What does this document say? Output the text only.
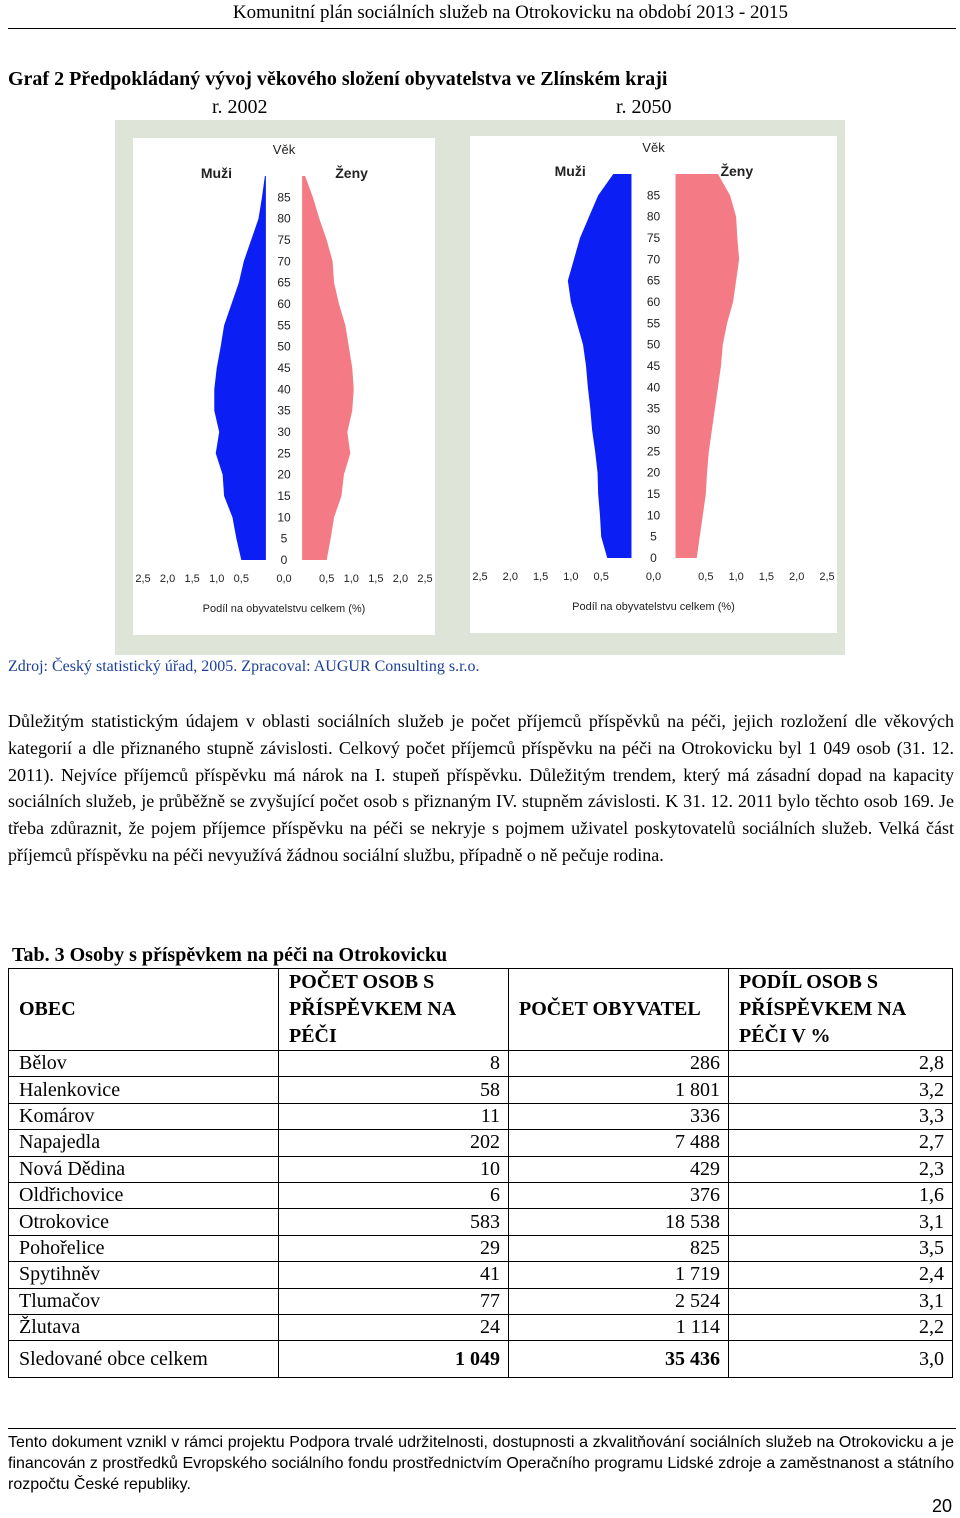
Komunitní plán sociálních služeb na Otrokovicku na období 2013 - 2015
Graf 2 Předpokládaný vývoj věkového složení obyvatelstva ve Zlínském kraji
r. 2002	r. 2050
0
5
10
15
20
25
30
35
40
45
50
55
60
65
70
75
80
85
Věk
Muži	Ženy
2,5 2,0 1,5 1,0 0,5 0,0 0,5 1,0 1,5 2,0 2,5
Podíl na obyvatelstvu celkem (%)
0
5
10
15
20
25
30
35
40
45
50
55
60
65
70
75
80
85
Věk
Muži	Ženy
2,5 2,0 1,5 1,0 0,5	0,0	0,5 1,0 1,5 2,0 2,5
Podíl na obyvatelstvu celkem (%)
Zdroj: Český statistický úřad, 2005. Zpracoval: AUGUR Consulting s.r.o.
Důležitým statistickým údajem v oblasti sociálních služeb je počet příjemců příspěvků na péči, jejich rozložení dle věkových kategorií a dle přiznaného stupně závislosti. Celkový počet příjemců příspěvku na péči na Otrokovicku byl 1 049 osob (31. 12. 2011). Nejvíce příjemců příspěvku má nárok na I. stupeň příspěvku. Důležitým trendem, který má zásadní dopad na kapacity sociálních služeb, je průběžně se zvyšující počet osob s přiznaným IV. stupněm závislosti. K 31. 12. 2011 bylo těchto osob 169. Je třeba zdůraznit, že pojem příjemce příspěvku na péči se nekryje s pojmem uživatel poskytovatelů sociálních služeb. Velká část příjemců příspěvku na péči nevyužívá žádnou sociální službu, případně o ně pečuje rodina.
Tab. 3 Osoby s příspěvkem na péči na Otrokovicku
OBEC	POČET OSOB S PŘÍSPĚVKEM NA PÉČI	POČET OBYVATEL	PODÍL OSOB S PŘÍSPĚVKEM NA PÉČI V %
Bělov	8	286	2,8
Halenkovice	58	1 801	3,2
Komárov	11	336	3,3
Napajedla	202	7 488	2,7
Nová Dědina	10	429	2,3
Oldřichovice	6	376	1,6
Otrokovice	583	18 538	3,1
Pohořelice	29	825	3,5
Spytihněv	41	1 719	2,4
Tlumačov	77	2 524	3,1
Žlutava	24	1 114	2,2
Sledované obce celkem	1 049	35 436	3,0
Tento dokument vznikl v rámci projektu Podpora trvalé udržitelnosti, dostupnosti a zkvalitňování sociálních služeb na Otrokovicku a je financován z prostředků Evropského sociálního fondu prostřednictvím Operačního programu Lidské zdroje a zaměstnanost a státního rozpočtu České republiky.
20
